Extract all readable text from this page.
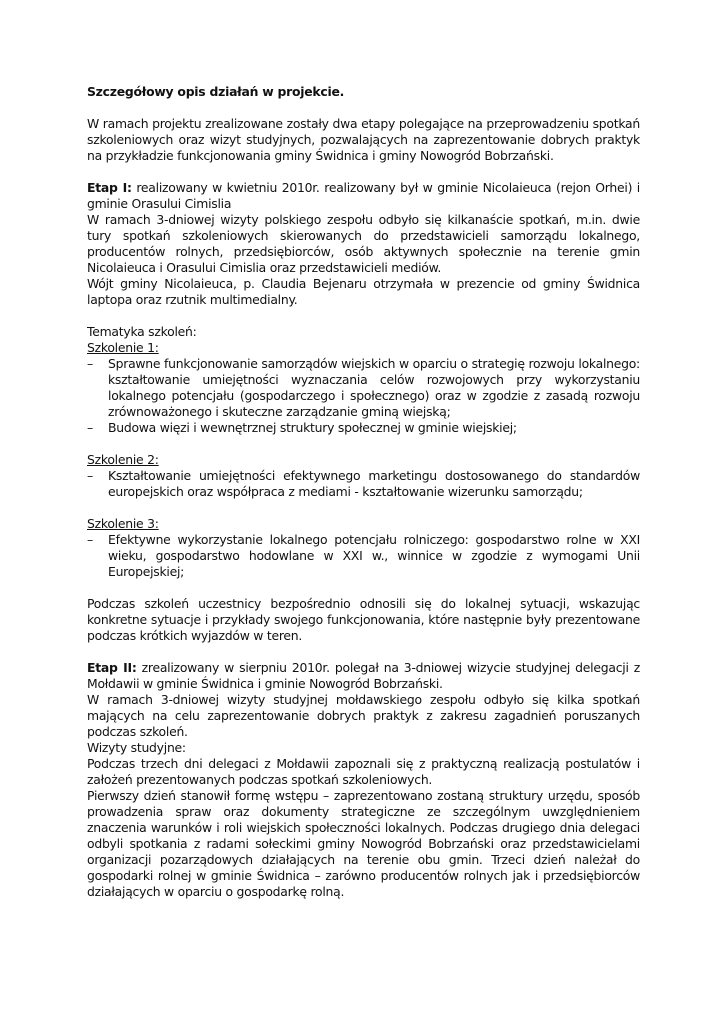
Szczegółowy opis działań w projekcie.

W ramach projektu zrealizowane zostały dwa etapy polegające na przeprowadzeniu spotkań szkoleniowych oraz wizyt studyjnych, pozwalających na zaprezentowanie dobrych praktyk na przykładzie funkcjonowania gminy Świdnica i gminy Nowogród Bobrzański.

Etap I: realizowany w kwietniu 2010r. realizowany był w gminie Nicolaieuca (rejon Orhei) i gminie Orasului Cimislia

W ramach 3-dniowej wizyty polskiego zespołu odbyło się kilkanaście spotkań, m.in. dwie tury spotkań szkoleniowych skierowanych do przedstawicieli samorządu lokalnego, producentów rolnych, przedsiębiorców, osób aktywnych społecznie na terenie gmin Nicolaieuca i Orasului Cimislia oraz przedstawicieli mediów.

Wójt gminy Nicolaieuca, p. Claudia Bejenaru otrzymała w prezencie od gminy Świdnica laptopa oraz rzutnik multimedialny.

Tematyka szkoleń:

Szkolenie 1:

– Sprawne funkcjonowanie samorządów wiejskich w oparciu o strategię rozwoju lokalnego: kształtowanie umiejętności wyznaczania celów rozwojowych przy wykorzystaniu lokalnego potencjału (gospodarczego i społecznego) oraz w zgodzie z zasadą rozwoju zrównoważonego i skuteczne zarządzanie gminą wiejską;
– Budowa więzi i wewnętrznej struktury społecznej w gminie wiejskiej;

Szkolenie 2:

– Kształtowanie umiejętności efektywnego marketingu dostosowanego do standardów europejskich oraz współpraca z mediami - kształtowanie wizerunku samorządu;

Szkolenie 3:

– Efektywne wykorzystanie lokalnego potencjału rolniczego: gospodarstwo rolne w XXI wieku, gospodarstwo hodowlane w XXI w., winnice w zgodzie z wymogami Unii Europejskiej;

Podczas szkoleń uczestnicy bezpośrednio odnosili się do lokalnej sytuacji, wskazując konkretne sytuacje i przykłady swojego funkcjonowania, które następnie były prezentowane podczas krótkich wyjazdów w teren.

Etap II: zrealizowany w sierpniu 2010r. polegał na 3-dniowej wizycie studyjnej delegacji z Mołdawii w gminie Świdnica i gminie Nowogród Bobrzański.

W ramach 3-dniowej wizyty studyjnej mołdawskiego zespołu odbyło się kilka spotkań mających na celu zaprezentowanie dobrych praktyk z zakresu zagadnień poruszanych podczas szkoleń.

Wizyty studyjne:

Podczas trzech dni delegaci z Mołdawii zapoznali się z praktyczną realizacją postulatów i założeń prezentowanych podczas spotkań szkoleniowych.

Pierwszy dzień stanowił formę wstępu – zaprezentowano zostaną struktury urzędu, sposób prowadzenia spraw oraz dokumenty strategiczne ze szczególnym uwzględnieniem znaczenia warunków i roli wiejskich społeczności lokalnych. Podczas drugiego dnia delegaci odbyli spotkania z radami sołeckimi gminy Nowogród Bobrzański oraz przedstawicielami organizacji pozarządowych działających na terenie obu gmin. Trzeci dzień należał do gospodarki rolnej w gminie Świdnica – zarówno producentów rolnych jak i przedsiębiorców działających w oparciu o gospodarkę rolną.
